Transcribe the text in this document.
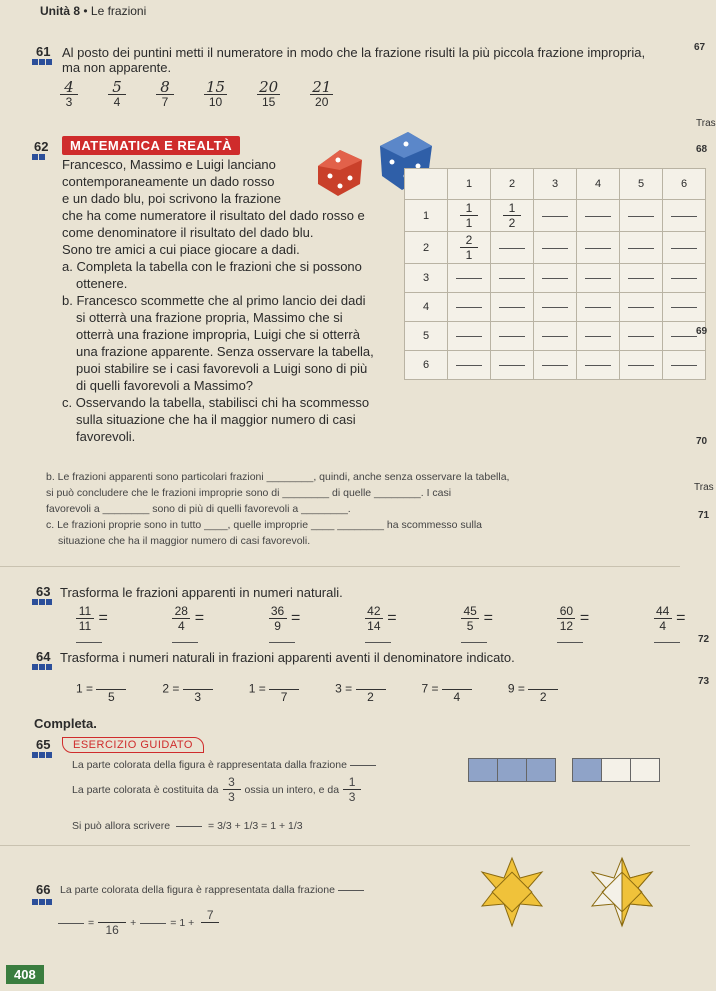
Unità 8 • Le frazioni
61 Al posto dei puntini metti il numeratore in modo che la frazione risulti la più piccola frazione impropria,
ma non apparente.
$\frac{4}{3} \frac{5}{4} \frac{8}{7} \frac{15}{10} \frac{20}{15} \frac{21}{20}$
62	MATEMATICA E REALTÀ
Francesco, Massimo e Luigi lanciano
contemporaneamente un dado rosso
e un dado blu, poi scrivono la frazione
che ha come numeratore il risultato del dado rosso e
come denominatore il risultato del dado blu.
Sono tre amici a cui piace giocare a dadi.
a. Completa la tabella con le frazioni che si possono
ottenere.
b. Francesco scommette che al primo lancio dei dadi
si otterrà una frazione propria, Massimo che si
otterrà una frazione impropria, Luigi che si otterrà
una frazione apparente. Senza osservare la tabella,
puoi stabilire se i casi favorevoli a Luigi sono di più
di quelli favorevoli a Massimo?
c. Osservando la tabella, stabilisci chi ha scommesso
sulla situazione che ha il maggior numero di casi
favorevoli.
	1	2	3	4	5	6
1	$\frac{1}{1}$	$\frac{1}{2}$

2	$\frac{2}{1}$

3						
4						
5						
6						
b. Le frazioni apparenti sono particolari frazioni ________, quindi, anche senza osservare la tabella,
si può concludere che le frazioni improprie sono di ________ di quelle ________. I casi
favorevoli a ________ sono di più di quelli favorevoli a ________.
c. Le frazioni proprie sono in tutto ____, quelle improprie ____ ________ ha scommesso sulla
situazione che ha il maggior numero di casi favorevoli.
63 Trasforma le frazioni apparenti in numeri naturali.
$\frac{11}{11}$ =	$\frac{28}{4}$ =	$\frac{36}{9}$ =	$\frac{42}{14}$ =	$\frac{45}{5}$ =	$\frac{60}{12}$ =	$\frac{44}{4}$ =
64 Trasforma i numeri naturali in frazioni apparenti aventi il denominatore indicato.
1 =

5
2 =

3
1 =

7
3 =

2
7 =

4
9 =

2
Completa.
65	ESERCIZIO GUIDATO
La parte colorata della figura è rappresentata dalla frazione
La parte colorata è costituita da $\frac{3}{3}$ ossia un intero, e da $\frac{1}{3}$
Si può allora scrivere	= 3/3 + 1/3 = 1 + 1/3
66 La parte colorata della figura è rappresentata dalla frazione
=

16
+	= 1 +
7

67
Tras
68
69
70
Tras
71
72
73
408
